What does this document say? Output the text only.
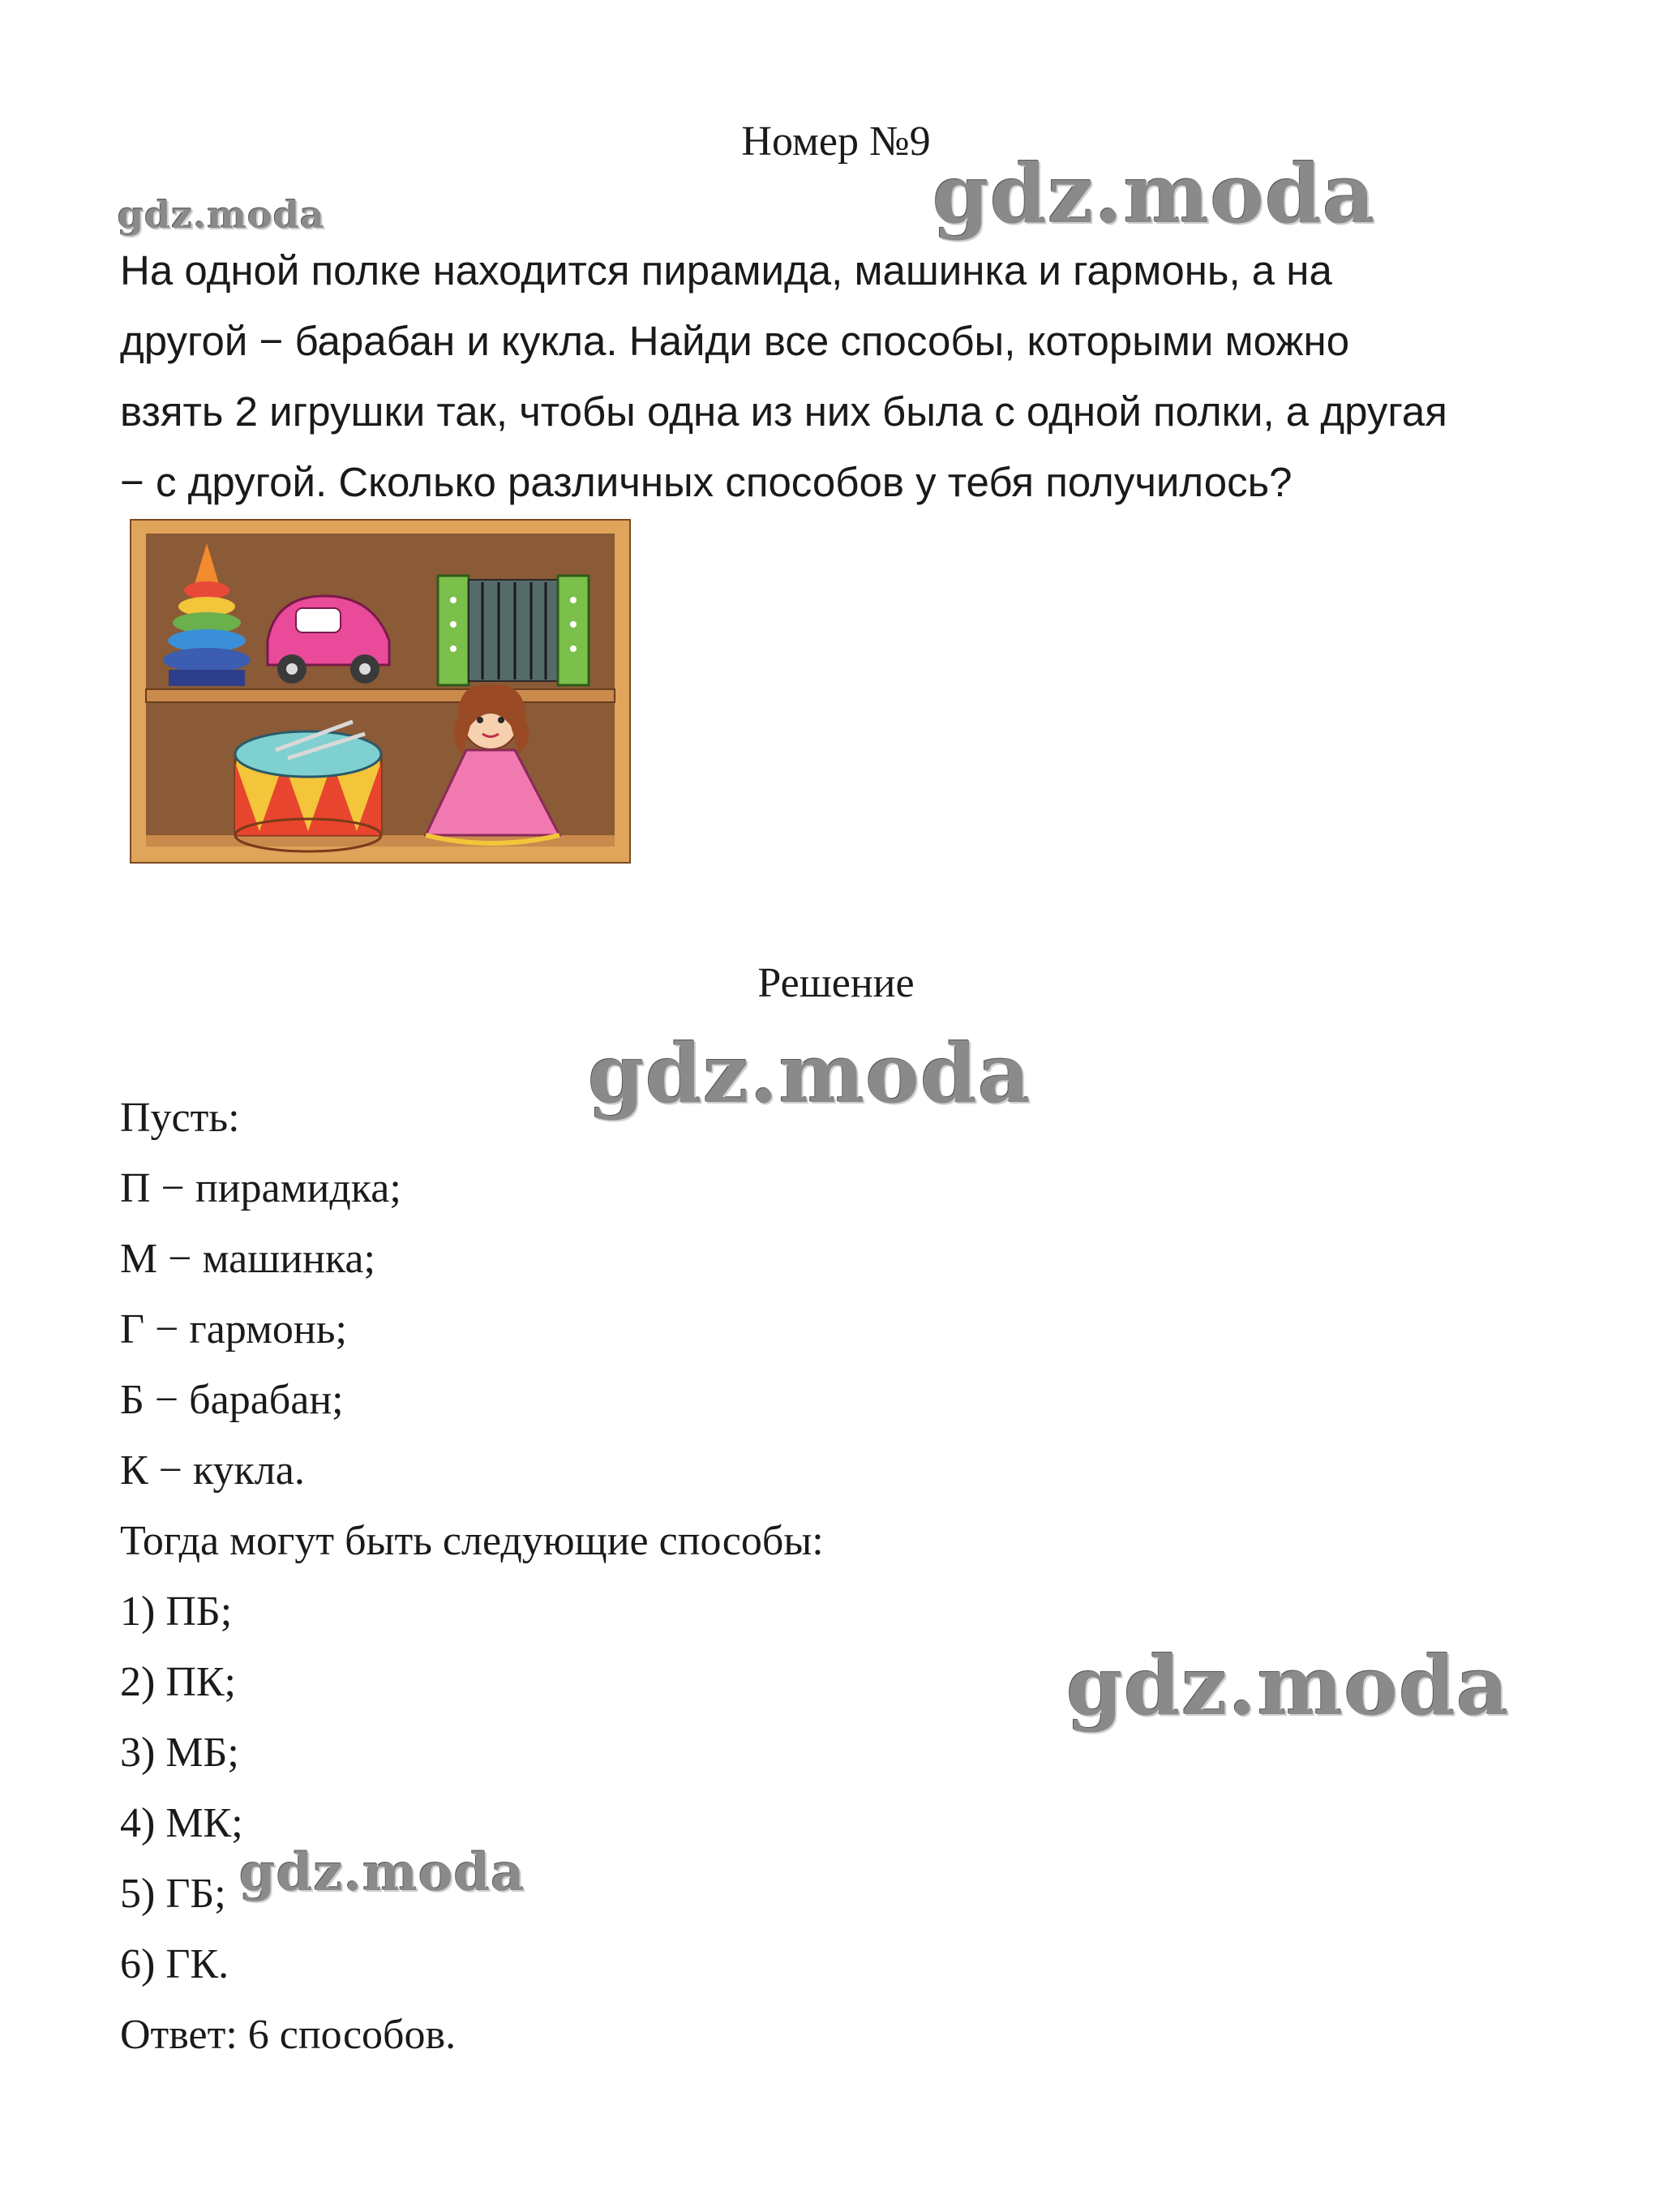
Номер №9
gdz.moda	gdz.moda
На одной полке находится пирамида, машинка и гармонь, а на
другой − барабан и кукла. Найди все способы, которыми можно
взять 2 игрушки так, чтобы одна из них была с одной полки, а другая
− с другой. Сколько различных способов у тебя получилось?
Решение
gdz.moda
Пусть:
П − пирамидка;
М − машинка;
Г − гармонь;
Б − барабан;
К − кукла.
Тогда могут быть следующие способы:
1) ПБ;
2) ПК;
3) МБ;
4) МК;
5) ГБ;
6) ГК.
Ответ: 6 способов.
gdz.moda
gdz.moda
